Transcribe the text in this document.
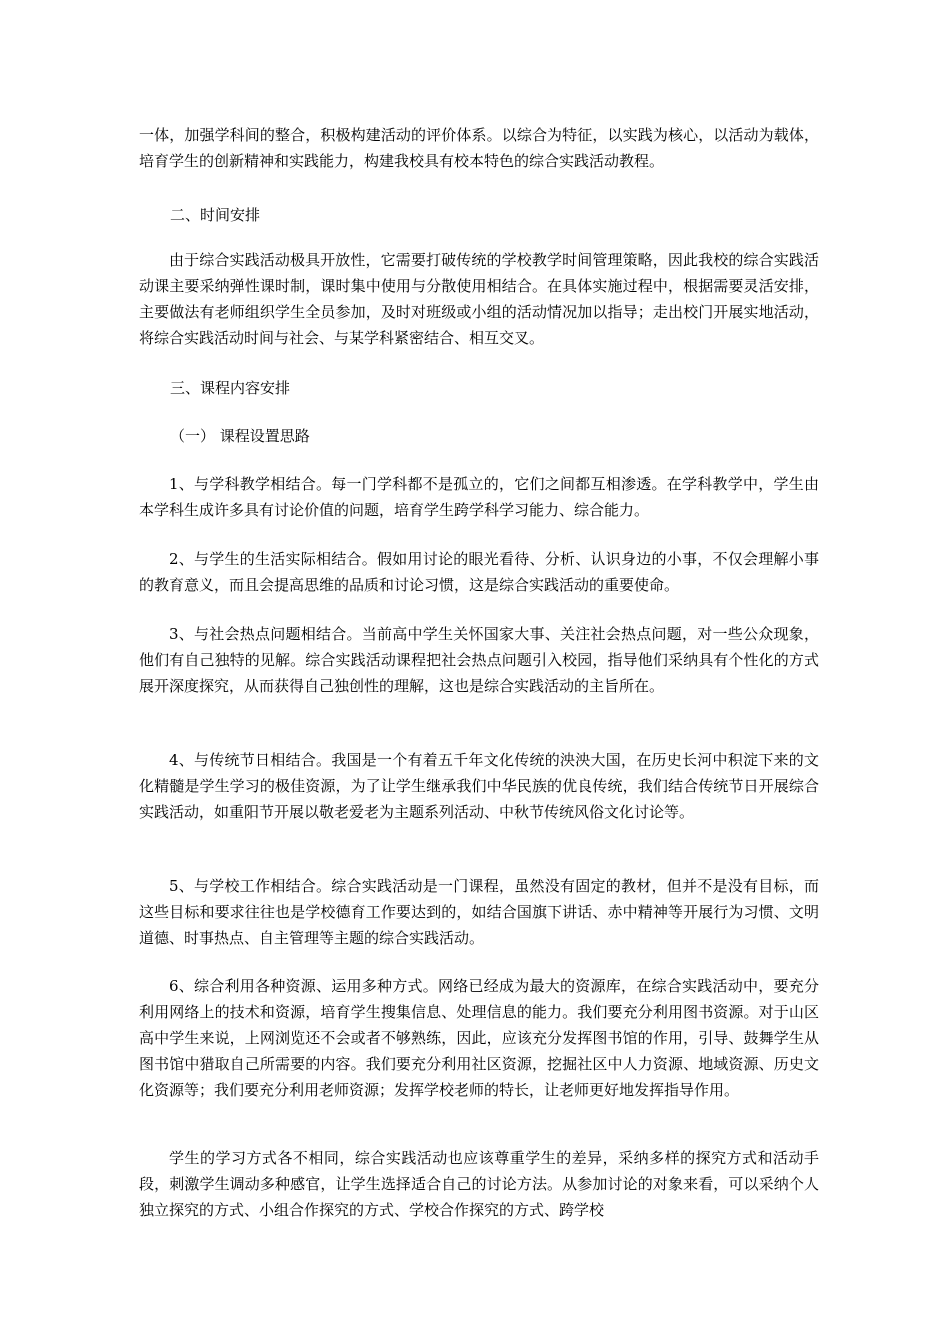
一体，加强学科间的整合，积极构建活动的评价体系。以综合为特征，以实践为核心，以活动为载体，培育学生的创新精神和实践能力，构建我校具有校本特色的综合实践活动教程。

二、时间安排

由于综合实践活动极具开放性，它需要打破传统的学校教学时间管理策略，因此我校的综合实践活动课主要采纳弹性课时制，课时集中使用与分散使用相结合。在具体实施过程中，根据需要灵活安排，主要做法有老师组织学生全员参加，及时对班级或小组的活动情况加以指导；走出校门开展实地活动，将综合实践活动时间与社会、与某学科紧密结合、相互交叉。

三、课程内容安排

（一） 课程设置思路

1、与学科教学相结合。每一门学科都不是孤立的，它们之间都互相渗透。在学科教学中，学生由本学科生成许多具有讨论价值的问题，培育学生跨学科学习能力、综合能力。

2、与学生的生活实际相结合。假如用讨论的眼光看待、分析、认识身边的小事，不仅会理解小事的教育意义，而且会提高思维的品质和讨论习惯，这是综合实践活动的重要使命。

3、与社会热点问题相结合。当前高中学生关怀国家大事、关注社会热点问题，对一些公众现象，他们有自己独特的见解。综合实践活动课程把社会热点问题引入校园，指导他们采纳具有个性化的方式展开深度探究，从而获得自己独创性的理解，这也是综合实践活动的主旨所在。

4、与传统节日相结合。我国是一个有着五千年文化传统的泱泱大国，在历史长河中积淀下来的文化精髓是学生学习的极佳资源，为了让学生继承我们中华民族的优良传统，我们结合传统节日开展综合实践活动，如重阳节开展以敬老爱老为主题系列活动、中秋节传统风俗文化讨论等。

5、与学校工作相结合。综合实践活动是一门课程，虽然没有固定的教材，但并不是没有目标，而这些目标和要求往往也是学校德育工作要达到的，如结合国旗下讲话、赤中精神等开展行为习惯、文明道德、时事热点、自主管理等主题的综合实践活动。

6、综合利用各种资源、运用多种方式。网络已经成为最大的资源库，在综合实践活动中，要充分利用网络上的技术和资源，培育学生搜集信息、处理信息的能力。我们要充分利用图书资源。对于山区高中学生来说，上网浏览还不会或者不够熟练，因此，应该充分发挥图书馆的作用，引导、鼓舞学生从图书馆中猎取自己所需要的内容。我们要充分利用社区资源，挖掘社区中人力资源、地域资源、历史文化资源等；我们要充分利用老师资源；发挥学校老师的特长，让老师更好地发挥指导作用。

学生的学习方式各不相同，综合实践活动也应该尊重学生的差异，采纳多样的探究方式和活动手段，刺激学生调动多种感官，让学生选择适合自己的讨论方法。从参加讨论的对象来看，可以采纳个人独立探究的方式、小组合作探究的方式、学校合作探究的方式、跨学校
